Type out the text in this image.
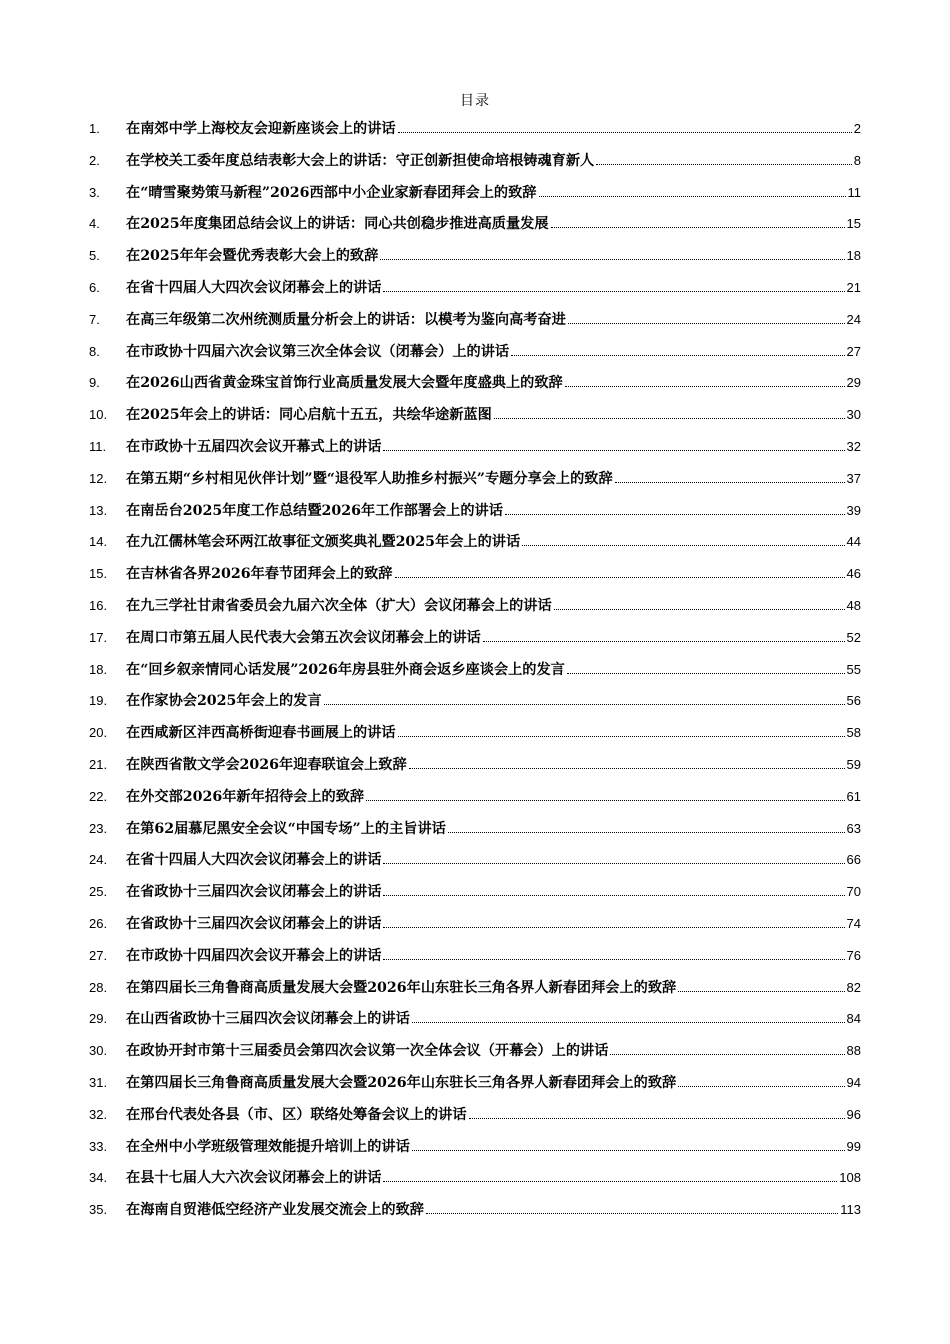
目录
1.	在南郊中学上海校友会迎新座谈会上的讲话	2
2.	在学校关工委年度总结表彰大会上的讲话：守正创新担使命培根铸魂育新人	8
3.	在“晴雪聚势策马新程”2026西部中小企业家新春团拜会上的致辞	11
4.	在2025年度集团总结会议上的讲话：同心共创稳步推进高质量发展	15
5.	在2025年年会暨优秀表彰大会上的致辞	18
6.	在省十四届人大四次会议闭幕会上的讲话	21
7.	在高三年级第二次州统测质量分析会上的讲话：以模考为鉴向高考奋进	24
8.	在市政协十四届六次会议第三次全体会议（闭幕会）上的讲话	27
9.	在2026山西省黄金珠宝首饰行业高质量发展大会暨年度盛典上的致辞	29
10.	在2025年会上的讲话：同心启航十五五，共绘华途新蓝图	30
11.	在市政协十五届四次会议开幕式上的讲话	32
12.	在第五期“乡村相见伙伴计划”暨“退役军人助推乡村振兴”专题分享会上的致辞	37
13.	在南岳台2025年度工作总结暨2026年工作部署会上的讲话	39
14.	在九江儒林笔会环两江故事征文颁奖典礼暨2025年会上的讲话	44
15.	在吉林省各界2026年春节团拜会上的致辞	46
16.	在九三学社甘肃省委员会九届六次全体（扩大）会议闭幕会上的讲话	48
17.	在周口市第五届人民代表大会第五次会议闭幕会上的讲话	52
18.	在“回乡叙亲情同心话发展”2026年房县驻外商会返乡座谈会上的发言	55
19.	在作家协会2025年会上的发言	56
20.	在西咸新区沣西高桥街迎春书画展上的讲话	58
21.	在陕西省散文学会2026年迎春联谊会上致辞	59
22.	在外交部2026年新年招待会上的致辞	61
23.	在第62届慕尼黑安全会议“中国专场”上的主旨讲话	63
24.	在省十四届人大四次会议闭幕会上的讲话	66
25.	在省政协十三届四次会议闭幕会上的讲话	70
26.	在省政协十三届四次会议闭幕会上的讲话	74
27.	在市政协十四届四次会议开幕会上的讲话	76
28.	在第四届长三角鲁商高质量发展大会暨2026年山东驻长三角各界人新春团拜会上的致辞	82
29.	在山西省政协十三届四次会议闭幕会上的讲话	84
30.	在政协开封市第十三届委员会第四次会议第一次全体会议（开幕会）上的讲话	88
31.	在第四届长三角鲁商高质量发展大会暨2026年山东驻长三角各界人新春团拜会上的致辞	94
32.	在邢台代表处各县（市、区）联络处筹备会议上的讲话	96
33.	在全州中小学班级管理效能提升培训上的讲话	99
34.	在县十七届人大六次会议闭幕会上的讲话	108
35.	在海南自贸港低空经济产业发展交流会上的致辞	113
